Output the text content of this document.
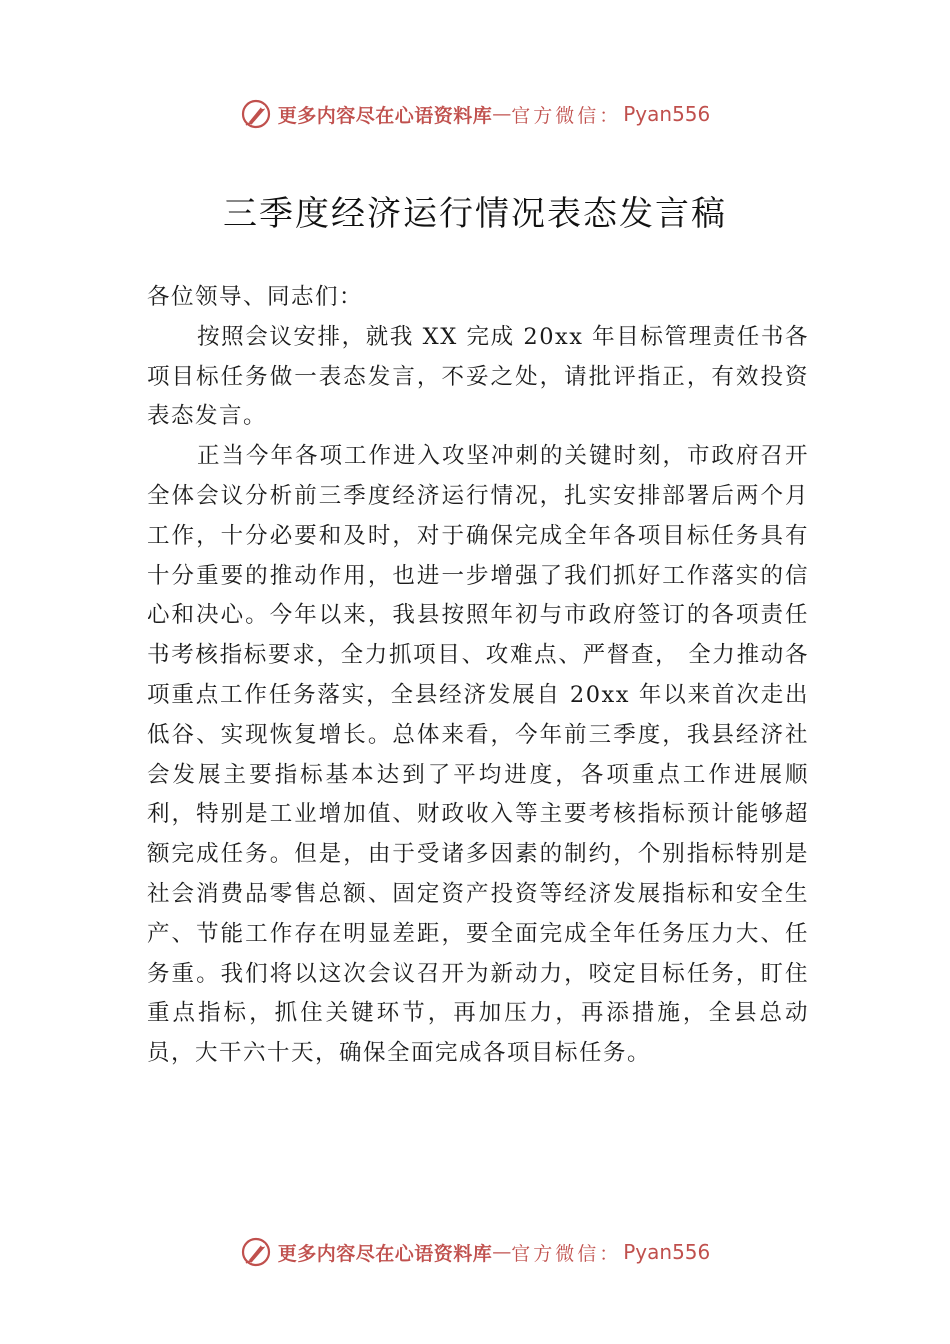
更多内容尽在心语资料库 — 官方微信： Pyan556
三季度经济运行情况表态发言稿

各位领导、同志们：

按照会议安排，就我 XX 完成 20xx 年目标管理责任书各项目标任务做一表态发言，不妥之处，请批评指正，有效投资表态发言。

正当今年各项工作进入攻坚冲刺的关键时刻，市政府召开全体会议分析前三季度经济运行情况，扎实安排部署后两个月工作，十分必要和及时，对于确保完成全年各项目标任务具有十分重要的推动作用，也进一步增强了我们抓好工作落实的信心和决心。今年以来，我县按照年初与市政府签订的各项责任书考核指标要求，全力抓项目、攻难点、严督查， 全力推动各项重点工作任务落实，全县经济发展自 20xx 年以来首次走出低谷、实现恢复增长。总体来看，今年前三季度，我县经济社会发展主要指标基本达到了平均进度，各项重点工作进展顺利，特别是工业增加值、财政收入等主要考核指标预计能够超额完成任务。但是，由于受诸多因素的制约，个别指标特别是社会消费品零售总额、固定资产投资等经济发展指标和安全生产、节能工作存在明显差距，要全面完成全年任务压力大、任务重。我们将以这次会议召开为新动力，咬定目标任务，盯住重点指标，抓住关键环节，再加压力，再添措施，全县总动员，大干六十天，确保全面完成各项目标任务。

更多内容尽在心语资料库 — 官方微信： Pyan556
